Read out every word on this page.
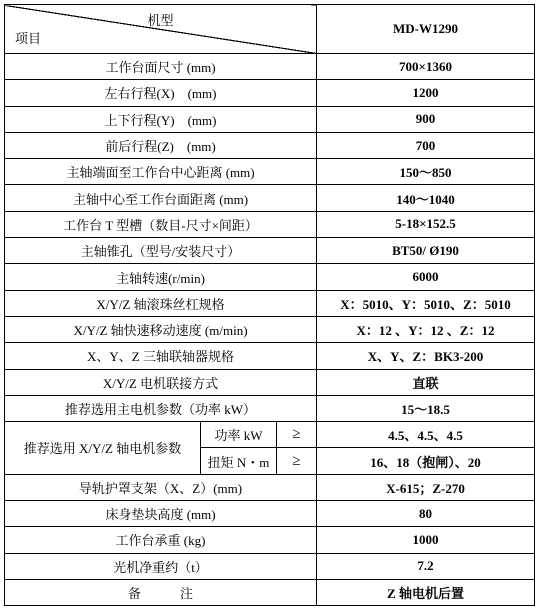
机型
项目			MD-W1290
工作台面尺寸 (mm)			700×1360
左右行程(X)　(mm)			1200
上下行程(Y)　(mm)			900
前后行程(Z)　(mm)			700
主轴端面至工作台中心距离 (mm)			150～850
主轴中心至工作台面距离 (mm)			140～1040
工作台 T 型槽（数目-尺寸×间距）			5-18×152.5
主轴锥孔（型号/安装尺寸）			BT50/ Ø190
主轴转速(r/min)			6000
X/Y/Z 轴滚珠丝杠规格			X：5010、Y：5010、Z：5010
X/Y/Z 轴快速移动速度 (m/min)			X：12 、Y：12 、Z：12
X、Y、Z 三轴联轴器规格			X、Y、Z：BK3-200
X/Y/Z 电机联接方式			直联
推荐选用主电机参数（功率 kW）			15～18.5
推荐选用 X/Y/Z 轴电机参数	功率 kW	≥	4.5、4.5、4.5
	扭矩 N・m	≥	16、18（抱闸）、20
导轨护罩支架（X、Z）(mm)			X-615；Z-270
床身垫块高度 (mm)			80
工作台承重 (kg)			1000
光机净重约（t）			7.2
备　　　注			Z 轴电机后置
